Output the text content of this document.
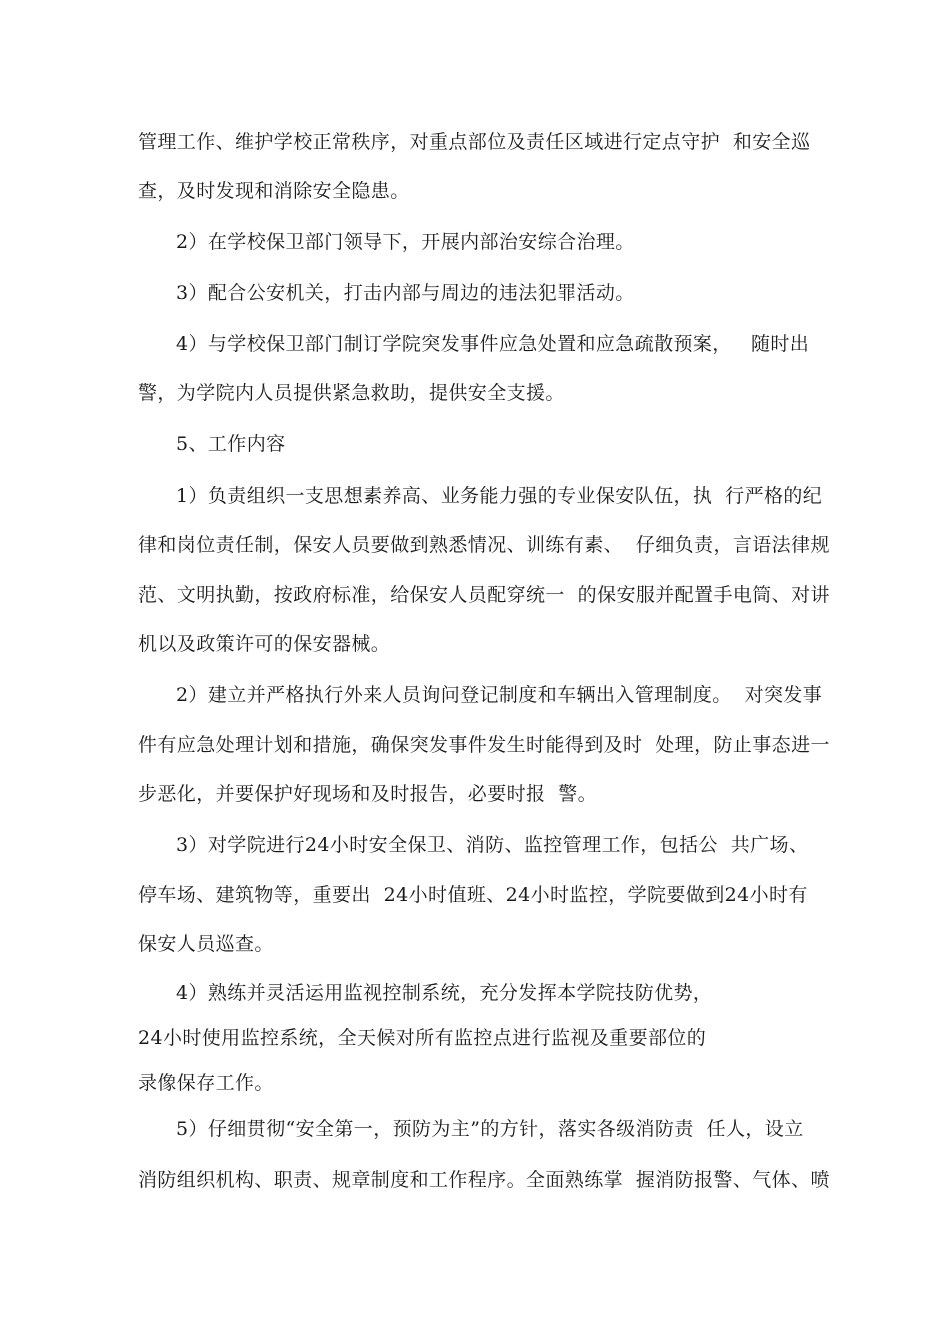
管理工作、维护学校正常秩序，对重点部位及责任区域进行定点守护  和安全巡
查，及时发现和消除安全隐患。
2）在学校保卫部门领导下，开展内部治安综合治理。
3）配合公安机关，打击内部与周边的违法犯罪活动。
4）与学校保卫部门制订学院突发事件应急处置和应急疏散预案，   随时出
警，为学院内人员提供紧急救助，提供安全支援。
5、工作内容
1）负责组织一支思想素养高、业务能力强的专业保安队伍，执  行严格的纪
律和岗位责任制，保安人员要做到熟悉情况、训练有素、  仔细负责，言语法律规
范、文明执勤，按政府标准，给保安人员配穿统一  的保安服并配置手电筒、对讲
机以及政策许可的保安器械。
2）建立并严格执行外来人员询问登记制度和车辆出入管理制度。  对突发事
件有应急处理计划和措施，确保突发事件发生时能得到及时  处理，防止事态进一
步恶化，并要保护好现场和及时报告，必要时报  警。
3）对学院进行24小时安全保卫、消防、监控管理工作，包括公  共广场、
停车场、建筑物等，重要出  24小时值班、24小时监控，学院要做到24小时有
保安人员巡查。
4）熟练并灵活运用监视控制系统，充分发挥本学院技防优势，
24小时使用监控系统，全天候对所有监控点进行监视及重要部位的
录像保存工作。
5）仔细贯彻“安全第一，预防为主”的方针，落实各级消防责  任人，设立
消防组织机构、职责、规章制度和工作程序。全面熟练掌  握消防报警、气体、喷
